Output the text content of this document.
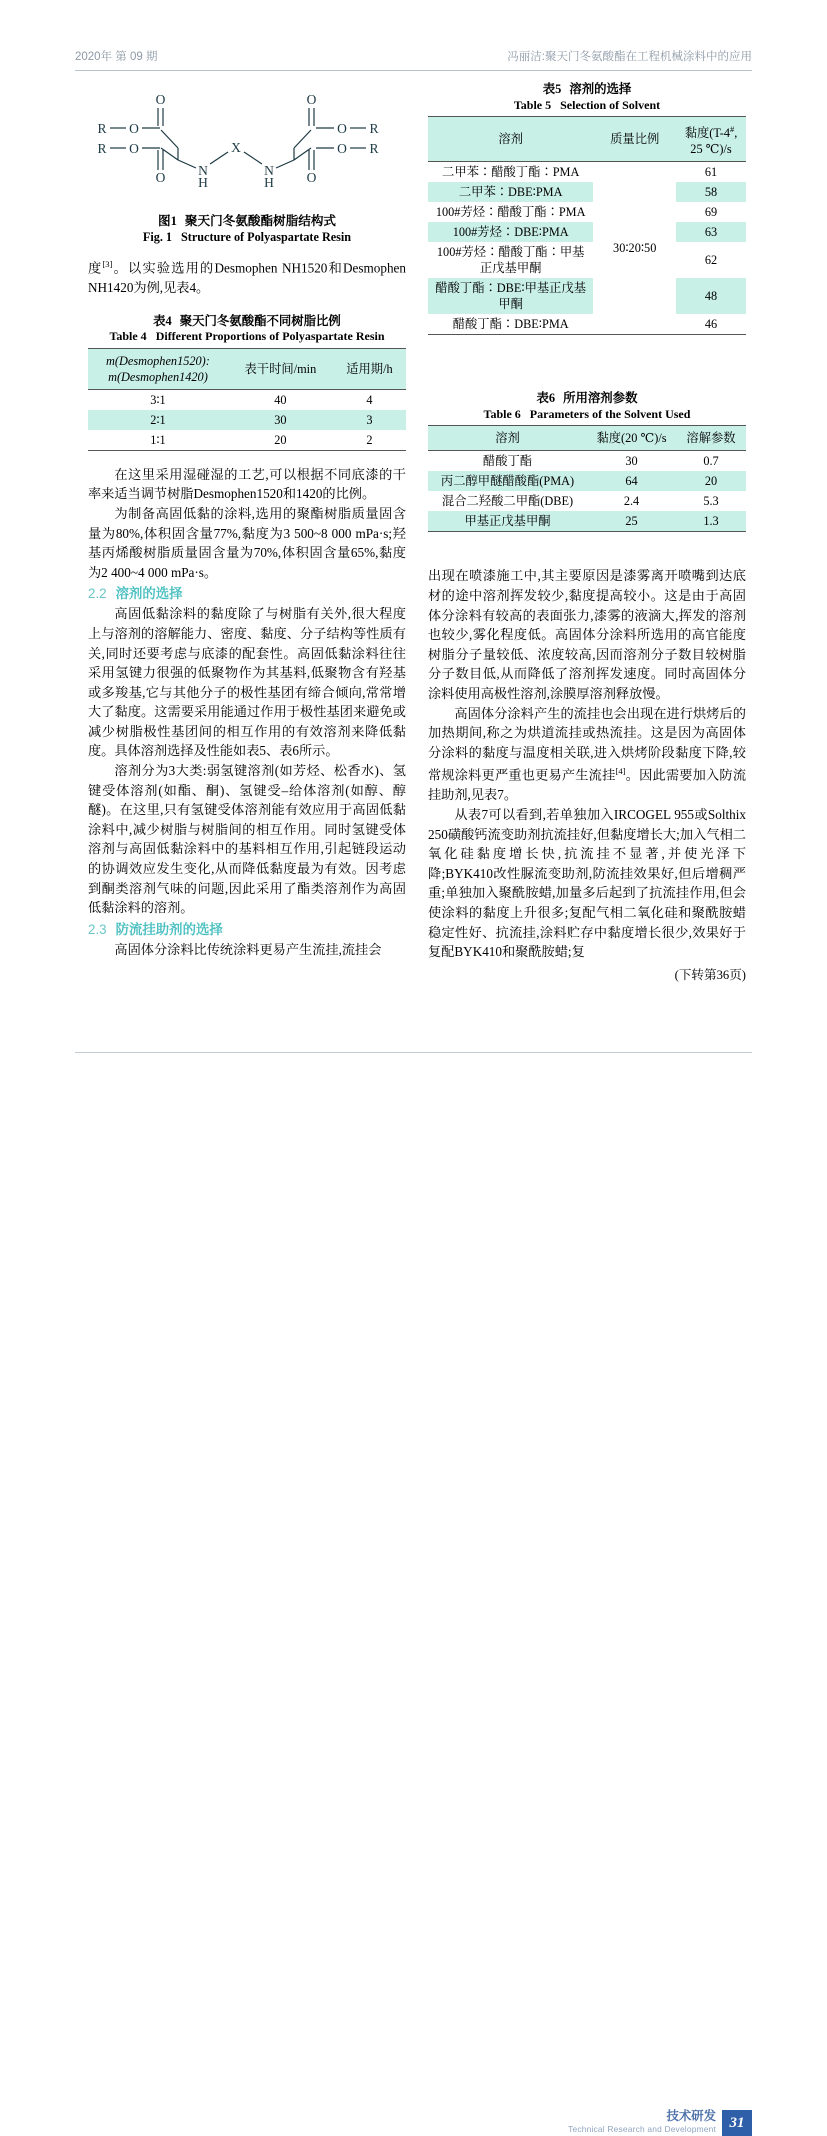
2020年 第 09 期	冯丽洁:聚天门冬氨酸酯在工程机械涂料中的应用
R
R
O
O
O
O N
H
X
N
H
O
O
O
O
R
R
图1 聚天门冬氨酸酯树脂结构式
Fig. 1 Structure of Polyaspartate Resin

度[3]。以实验选用的Desmophen NH1520和Desmophen NH1420为例,见表4。

表4 聚天门冬氨酸酯不同树脂比例
Table 4 Different Proportions of Polyaspartate Resin
m(Desmophen1520):
m(Desmophen1420)	表干时间/min	适用期/h
3∶1	40	4
2∶1	30	3
1∶1	20	2

在这里采用湿碰湿的工艺,可以根据不同底漆的干率来适当调节树脂Desmophen1520和1420的比例。

为制备高固低黏的涂料,选用的聚酯树脂质量固含量为80%,体积固含量77%,黏度为3 500~8 000 mPa·s;羟基丙烯酸树脂质量固含量为70%,体积固含量65%,黏度为2 400~4 000 mPa·s。

2.2 溶剂的选择

高固低黏涂料的黏度除了与树脂有关外,很大程度上与溶剂的溶解能力、密度、黏度、分子结构等性质有关,同时还要考虑与底漆的配套性。高固低黏涂料往往采用氢键力很强的低聚物作为其基料,低聚物含有羟基或多羧基,它与其他分子的极性基团有缔合倾向,常常增大了黏度。这需要采用能通过作用于极性基团来避免或减少树脂极性基团间的相互作用的有效溶剂来降低黏度。具体溶剂选择及性能如表5、表6所示。

溶剂分为3大类:弱氢键溶剂(如芳烃、松香水)、氢键受体溶剂(如酯、酮)、氢键受–给体溶剂(如醇、醇醚)。在这里,只有氢键受体溶剂能有效应用于高固低黏涂料中,减少树脂与树脂间的相互作用。同时氢键受体溶剂与高固低黏涂料中的基料相互作用,引起链段运动的协调效应发生变化,从而降低黏度最为有效。因考虑到酮类溶剂气味的问题,因此采用了酯类溶剂作为高固低黏涂料的溶剂。

2.3 防流挂助剂的选择

高固体分涂料比传统涂料更易产生流挂,流挂会

表5 溶剂的选择
Table 5 Selection of Solvent
溶剂	质量比例	黏度(T-4#,
25 ℃)/s
二甲苯∶醋酸丁酯∶PMA	30∶20∶50	61
二甲苯∶DBE∶PMA		58
100#芳烃∶醋酸丁酯∶PMA		69
100#芳烃∶DBE∶PMA		63
100#芳烃∶醋酸丁酯∶甲基正戊基甲酮		62
醋酸丁酯∶DBE∶甲基正戊基甲酮		48
醋酸丁酯∶DBE∶PMA		46
表6 所用溶剂参数
Table 6 Parameters of the Solvent Used
溶剂	黏度(20 ℃)/s	溶解参数
醋酸丁酯	30	0.7
丙二醇甲醚醋酸酯(PMA)	64	20
混合二羟酸二甲酯(DBE)	2.4	5.3
甲基正戊基甲酮	25	1.3

出现在喷漆施工中,其主要原因是漆雾离开喷嘴到达底材的途中溶剂挥发较少,黏度提高较小。这是由于高固体分涂料有较高的表面张力,漆雾的液滴大,挥发的溶剂也较少,雾化程度低。高固体分涂料所选用的高官能度树脂分子量较低、浓度较高,因而溶剂分子数目较树脂分子数目低,从而降低了溶剂挥发速度。同时高固体分涂料使用高极性溶剂,涂膜厚溶剂释放慢。

高固体分涂料产生的流挂也会出现在进行烘烤后的加热期间,称之为烘道流挂或热流挂。这是因为高固体分涂料的黏度与温度相关联,进入烘烤阶段黏度下降,较常规涂料更严重也更易产生流挂[4]。因此需要加入防流挂助剂,见表7。

从表7可以看到,若单独加入IRCOGEL 955或Solthix 250磺酸钙流变助剂抗流挂好,但黏度增长大;加入气相二氧化硅黏度增长快,抗流挂不显著,并使光泽下降;BYK410改性脲流变助剂,防流挂效果好,但后增稠严重;单独加入聚酰胺蜡,加量多后起到了抗流挂作用,但会使涂料的黏度上升很多;复配气相二氧化硅和聚酰胺蜡稳定性好、抗流挂,涂料贮存中黏度增长很少,效果好于复配BYK410和聚酰胺蜡;复

(下转第36页)

技术研发
Technical Research and Development 31
